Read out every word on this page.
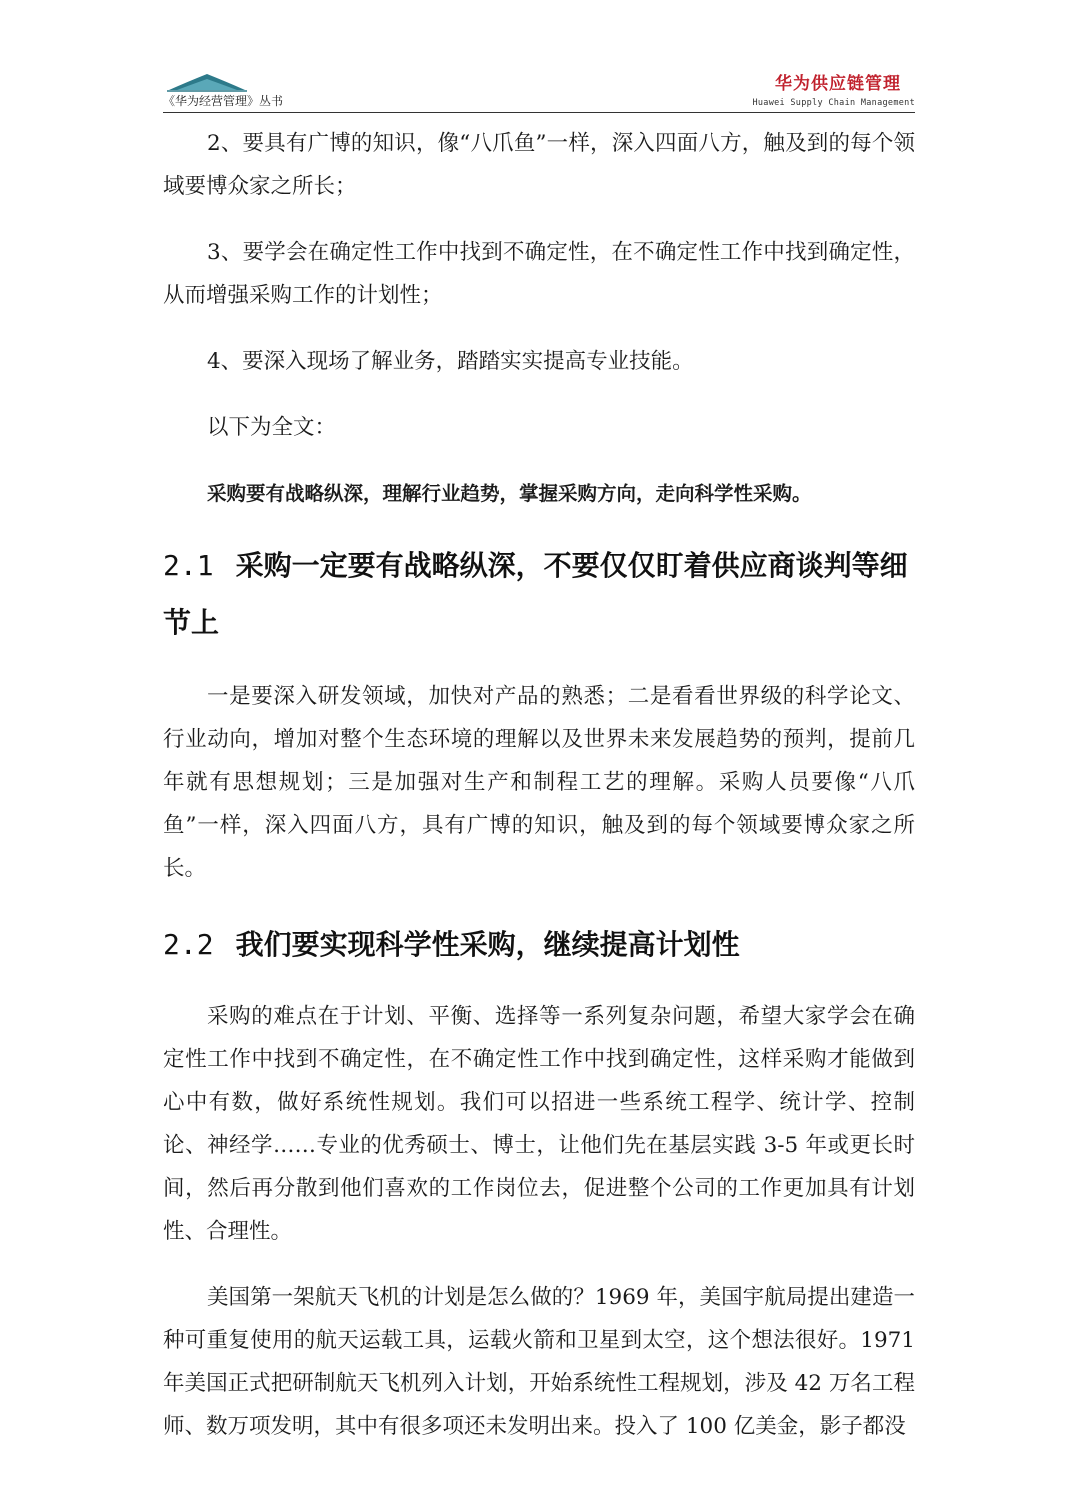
《华为经营管理》丛书
华为供应链管理
Huawei Supply Chain Management

2、要具有广博的知识，像“八爪鱼”一样，深入四面八方，触及到的每个领域要博众家之所长；

3、要学会在确定性工作中找到不确定性，在不确定性工作中找到确定性，从而增强采购工作的计划性；

4、要深入现场了解业务，踏踏实实提高专业技能。

以下为全文：

采购要有战略纵深，理解行业趋势，掌握采购方向，走向科学性采购。

2.1 采购一定要有战略纵深，不要仅仅盯着供应商谈判等细节上

一是要深入研发领域，加快对产品的熟悉；二是看看世界级的科学论文、行业动向，增加对整个生态环境的理解以及世界未来发展趋势的预判，提前几年就有思想规划；三是加强对生产和制程工艺的理解。采购人员要像“八爪鱼”一样，深入四面八方，具有广博的知识，触及到的每个领域要博众家之所长。

2.2 我们要实现科学性采购，继续提高计划性

采购的难点在于计划、平衡、选择等一系列复杂问题，希望大家学会在确定性工作中找到不确定性，在不确定性工作中找到确定性，这样采购才能做到心中有数，做好系统性规划。我们可以招进一些系统工程学、统计学、控制论、神经学……专业的优秀硕士、博士，让他们先在基层实践 3-5 年或更长时间，然后再分散到他们喜欢的工作岗位去，促进整个公司的工作更加具有计划性、合理性。

美国第一架航天飞机的计划是怎么做的？1969 年，美国宇航局提出建造一种可重复使用的航天运载工具，运载火箭和卫星到太空，这个想法很好。1971 年美国正式把研制航天飞机列入计划，开始系统性工程规划，涉及 42 万名工程师、数万项发明，其中有很多项还未发明出来。投入了 100 亿美金，影子都没
